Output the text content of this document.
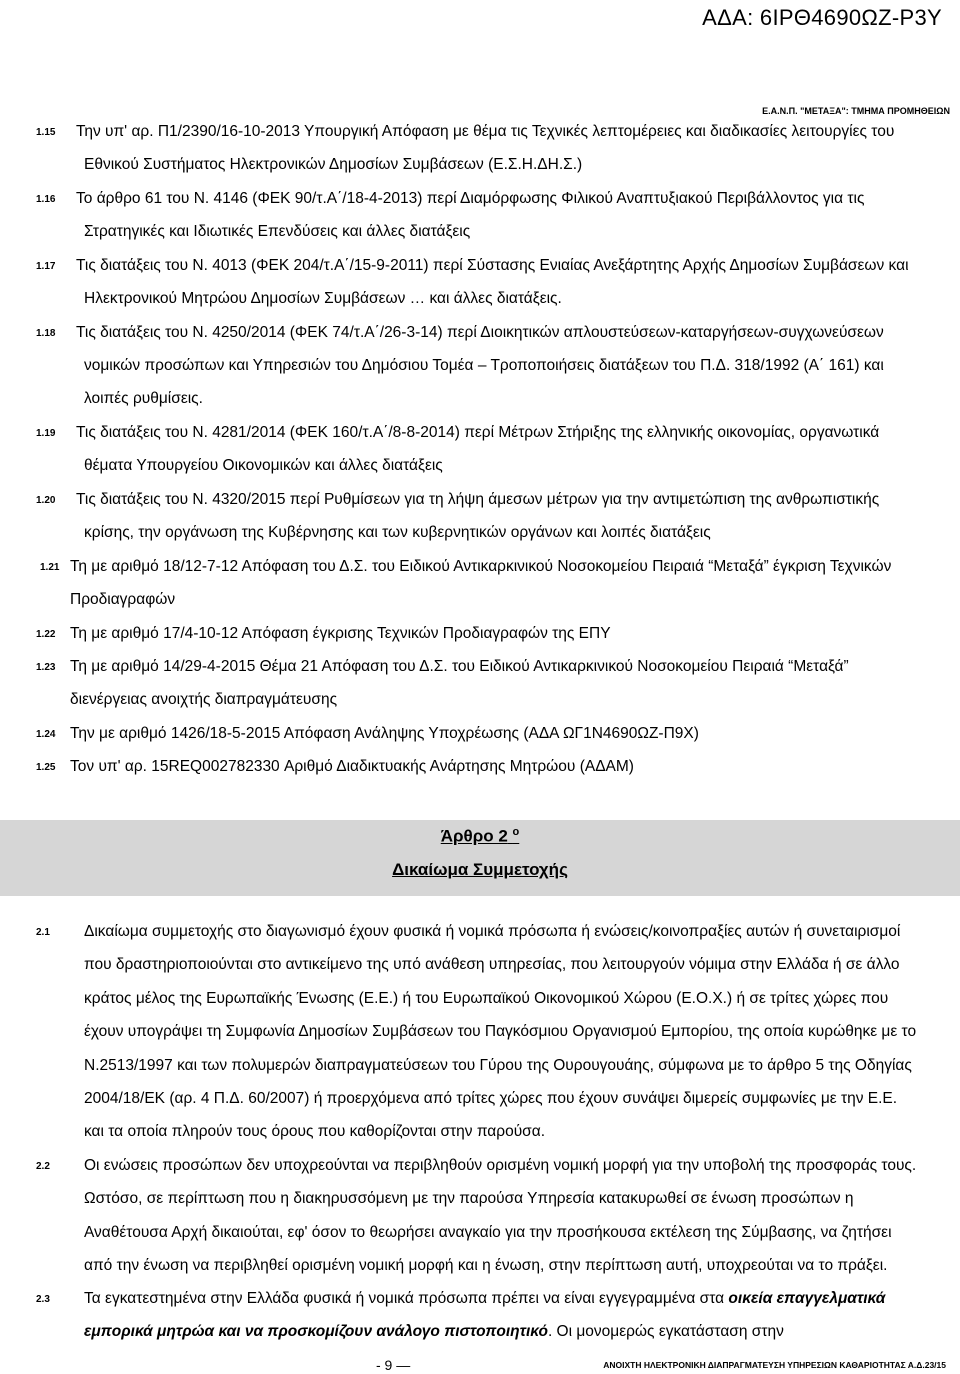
ΑΔΑ: 6ΙΡΘ4690ΩΖ-Ρ3Υ
Ε.Α.Ν.Π. "ΜΕΤΑΞΑ": ΤΜΗΜΑ ΠΡΟΜΗΘΕΙΩΝ
1.15 Την υπ' αρ. Π1/2390/16-10-2013 Υπουργική Απόφαση με θέμα τις Τεχνικές λεπτομέρειες και διαδικασίες λειτουργίες του
Εθνικού Συστήματος Ηλεκτρονικών Δημοσίων Συμβάσεων (Ε.Σ.Η.ΔΗ.Σ.)
1.16 Το άρθρο 61 του Ν. 4146 (ΦΕΚ 90/τ.Α΄/18-4-2013) περί Διαμόρφωσης Φιλικού Αναπτυξιακού Περιβάλλοντος για τις
Στρατηγικές και Ιδιωτικές Επενδύσεις και άλλες διατάξεις
1.17 Τις διατάξεις του Ν. 4013 (ΦΕΚ 204/τ.Α΄/15-9-2011) περί Σύστασης Ενιαίας Ανεξάρτητης Αρχής Δημοσίων Συμβάσεων και
Ηλεκτρονικού Μητρώου Δημοσίων Συμβάσεων … και άλλες διατάξεις.
1.18 Τις διατάξεις του Ν. 4250/2014 (ΦΕΚ 74/τ.Α΄/26-3-14) περί Διοικητικών απλουστεύσεων-καταργήσεων-συγχωνεύσεων
νομικών προσώπων και Υπηρεσιών του Δημόσιου Τομέα – Τροποποιήσεις διατάξεων του Π.Δ. 318/1992 (Α΄ 161) και
λοιπές ρυθμίσεις.
1.19 Τις διατάξεις του Ν. 4281/2014 (ΦΕΚ 160/τ.Α΄/8-8-2014) περί Μέτρων Στήριξης της ελληνικής οικονομίας, οργανωτικά
θέματα Υπουργείου Οικονομικών και άλλες διατάξεις
1.20 Τις διατάξεις του Ν. 4320/2015 περί Ρυθμίσεων για τη λήψη άμεσων μέτρων για την αντιμετώπιση της ανθρωπιστικής
κρίσης, την οργάνωση της Κυβέρνησης και των κυβερνητικών οργάνων και λοιπές διατάξεις
1.21 Τη με αριθμό 18/12-7-12 Απόφαση του Δ.Σ. του Ειδικού Αντικαρκινικού Νοσοκομείου Πειραιά “Μεταξά” έγκριση Τεχνικών
Προδιαγραφών
1.22 Τη με αριθμό 17/4-10-12 Απόφαση έγκρισης Τεχνικών Προδιαγραφών της ΕΠΥ
1.23 Τη με αριθμό 14/29-4-2015 Θέμα 21 Απόφαση του Δ.Σ. του Ειδικού Αντικαρκινικού Νοσοκομείου Πειραιά “Μεταξά”
διενέργειας ανοιχτής διαπραγμάτευσης
1.24 Την με αριθμό 1426/18-5-2015 Απόφαση Ανάληψης Υποχρέωσης (ΑΔΑ ΩΓ1Ν4690ΩΖ-Π9Χ)
1.25 Τον υπ' αρ. 15REQ002782330 Αριθμό Διαδικτυακής Ανάρτησης Μητρώου (ΑΔΑΜ)
Άρθρο 2 $^o$
Δικαίωμα Συμμετοχής
2.1 Δικαίωμα συμμετοχής στο διαγωνισμό έχουν φυσικά ή νομικά πρόσωπα ή ενώσεις/κοινοπραξίες αυτών ή συνεταιρισμοί
που δραστηριοποιούνται στο αντικείμενο της υπό ανάθεση υπηρεσίας, που λειτουργούν νόμιμα στην Ελλάδα ή σε άλλο
κράτος μέλος της Ευρωπαϊκής Ένωσης (Ε.Ε.) ή του Ευρωπαϊκού Οικονομικού Χώρου (Ε.Ο.Χ.) ή σε τρίτες χώρες που
έχουν υπογράψει τη Συμφωνία Δημοσίων Συμβάσεων του Παγκόσμιου Οργανισμού Εμπορίου, της οποία κυρώθηκε με το
Ν.2513/1997 και των πολυμερών διαπραγματεύσεων του Γύρου της Ουρουγουάης, σύμφωνα με το άρθρο 5 της Οδηγίας
2004/18/ΕΚ (αρ. 4 Π.Δ. 60/2007) ή προερχόμενα από τρίτες χώρες που έχουν συνάψει διμερείς συμφωνίες με την Ε.Ε.
και τα οποία πληρούν τους όρους που καθορίζονται στην παρούσα.
2.2 Οι ενώσεις προσώπων δεν υποχρεούνται να περιβληθούν ορισμένη νομική μορφή για την υποβολή της προσφοράς τους.
Ωστόσο, σε περίπτωση που η διακηρυσσόμενη με την παρούσα Υπηρεσία κατακυρωθεί σε ένωση προσώπων η
Αναθέτουσα Αρχή δικαιούται, εφ' όσον το θεωρήσει αναγκαίο για την προσήκουσα εκτέλεση της Σύμβασης, να ζητήσει
από την ένωση να περιβληθεί ορισμένη νομική μορφή και η ένωση, στην περίπτωση αυτή, υποχρεούται να το πράξει.
2.3 Τα εγκατεστημένα στην Ελλάδα φυσικά ή νομικά πρόσωπα πρέπει να είναι εγγεγραμμένα στα οικεία επαγγελματικά
εμπορικά μητρώα και να προσκομίζουν ανάλογο πιστοποιητικό. Οι μονομερώς εγκατάσταση στην
- 9 —	ΑΝΟΙΧΤΗ ΗΛΕΚΤΡΟΝΙΚΗ ΔΙΑΠΡΑΓΜΑΤΕΥΣΗ ΥΠΗΡΕΣΙΩΝ ΚΑΘΑΡΙΟΤΗΤΑΣ Α.Δ.23/15
